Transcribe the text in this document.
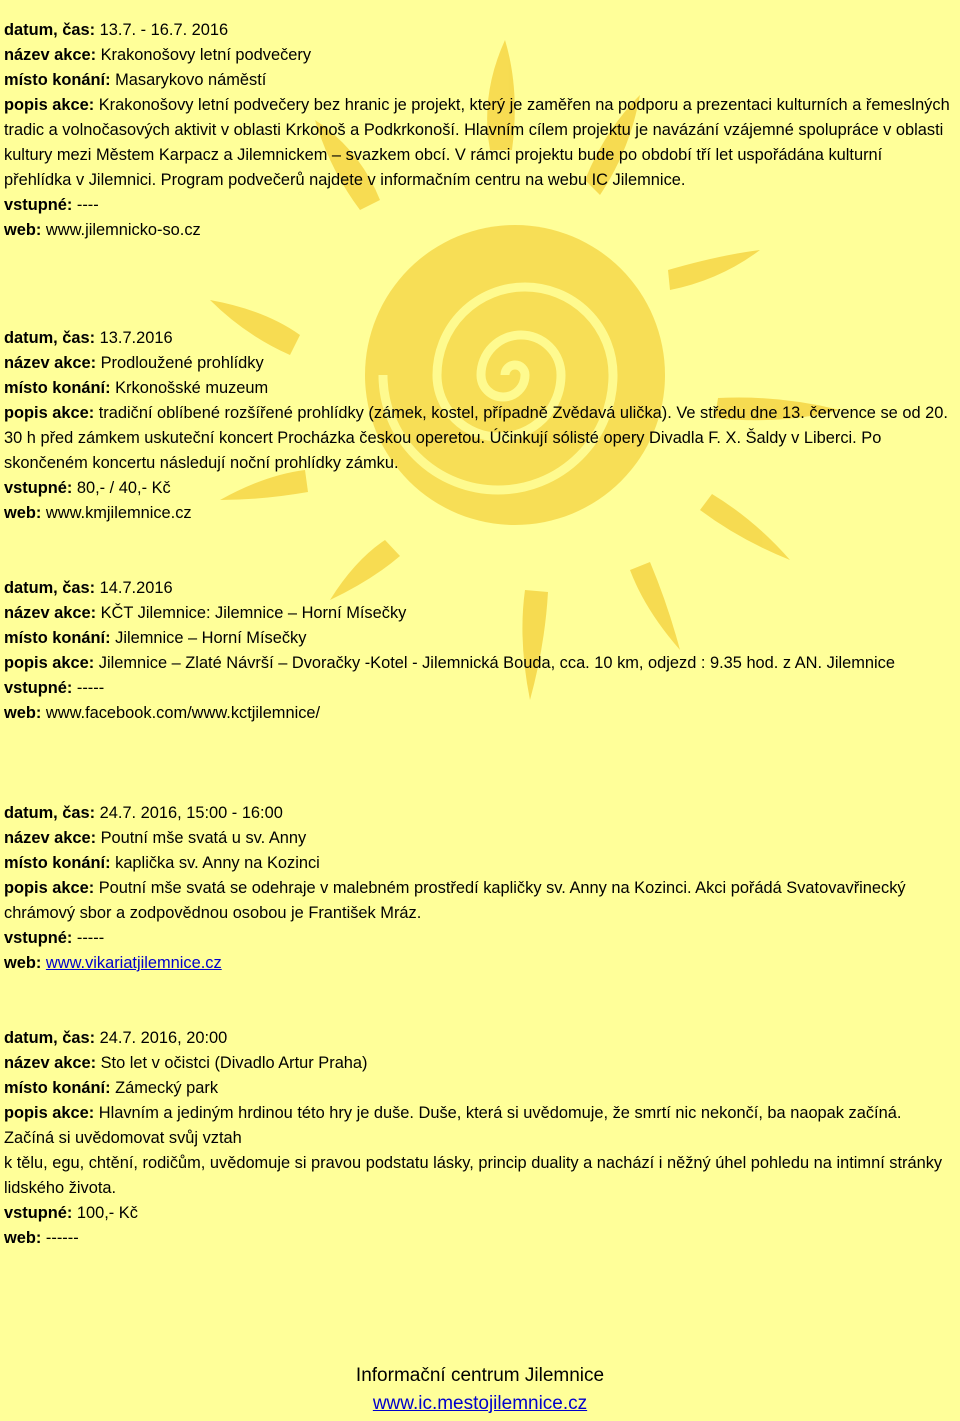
datum, čas: 13.7. - 16.7. 2016
název akce: Krakonošovy letní podvečery
místo konání: Masarykovo náměstí
popis akce: Krakonošovy letní podvečery bez hranic je projekt, který je zaměřen na podporu a prezentaci kulturních a řemeslných tradic a volnočasových aktivit v oblasti Krkonoš a Podkrkonoší. Hlavním cílem projektu je navázání vzájemné spolupráce v oblasti kultury mezi Městem Karpacz a Jilemnickem – svazkem obcí. V rámci projektu bude po období tří let uspořádána kulturní přehlídka v Jilemnici. Program podvečerů najdete v informačním centru na webu IC Jilemnice.
vstupné: ----
web: www.jilemnicko-so.cz
datum, čas: 13.7.2016
název akce: Prodloužené prohlídky
místo konání: Krkonošské muzeum
popis akce: tradiční oblíbené rozšířené prohlídky (zámek, kostel, případně Zvědavá ulička). Ve středu dne 13. července se od 20. 30 h před zámkem uskuteční koncert Procházka českou operetou. Účinkují sólisté opery Divadla F. X. Šaldy v Liberci. Po skončeném koncertu následují noční prohlídky zámku.
vstupné: 80,- / 40,- Kč
web: www.kmjilemnice.cz
datum, čas: 14.7.2016
název akce: KČT Jilemnice: Jilemnice – Horní Mísečky
místo konání: Jilemnice – Horní Mísečky
popis akce: Jilemnice – Zlaté Návrší – Dvoračky -Kotel - Jilemnická Bouda, cca. 10 km, odjezd : 9.35 hod. z AN. Jilemnice
vstupné: -----
web: www.facebook.com/www.kctjilemnice/
datum, čas: 24.7. 2016, 15:00 - 16:00
název akce: Poutní mše svatá u sv. Anny
místo konání: kaplička sv. Anny na Kozinci
popis akce: Poutní mše svatá se odehraje v malebném prostředí kapličky sv. Anny na Kozinci. Akci pořádá Svatovavřinecký chrámový sbor a zodpovědnou osobou je František Mráz.
vstupné: -----
web: www.vikariatjilemnice.cz
datum, čas: 24.7. 2016, 20:00
název akce: Sto let v očistci (Divadlo Artur Praha)
místo konání: Zámecký park
popis akce: Hlavním a jediným hrdinou této hry je duše. Duše, která si uvědomuje, že smrtí nic nekončí, ba naopak začíná. Začíná si uvědomovat svůj vztah
k tělu, egu, chtění, rodičům, uvědomuje si pravou podstatu lásky, princip duality a nachází i něžný úhel pohledu na intimní stránky lidského života.
vstupné: 100,- Kč
web: ------
Informační centrum Jilemnice
www.ic.mestojilemnice.cz
